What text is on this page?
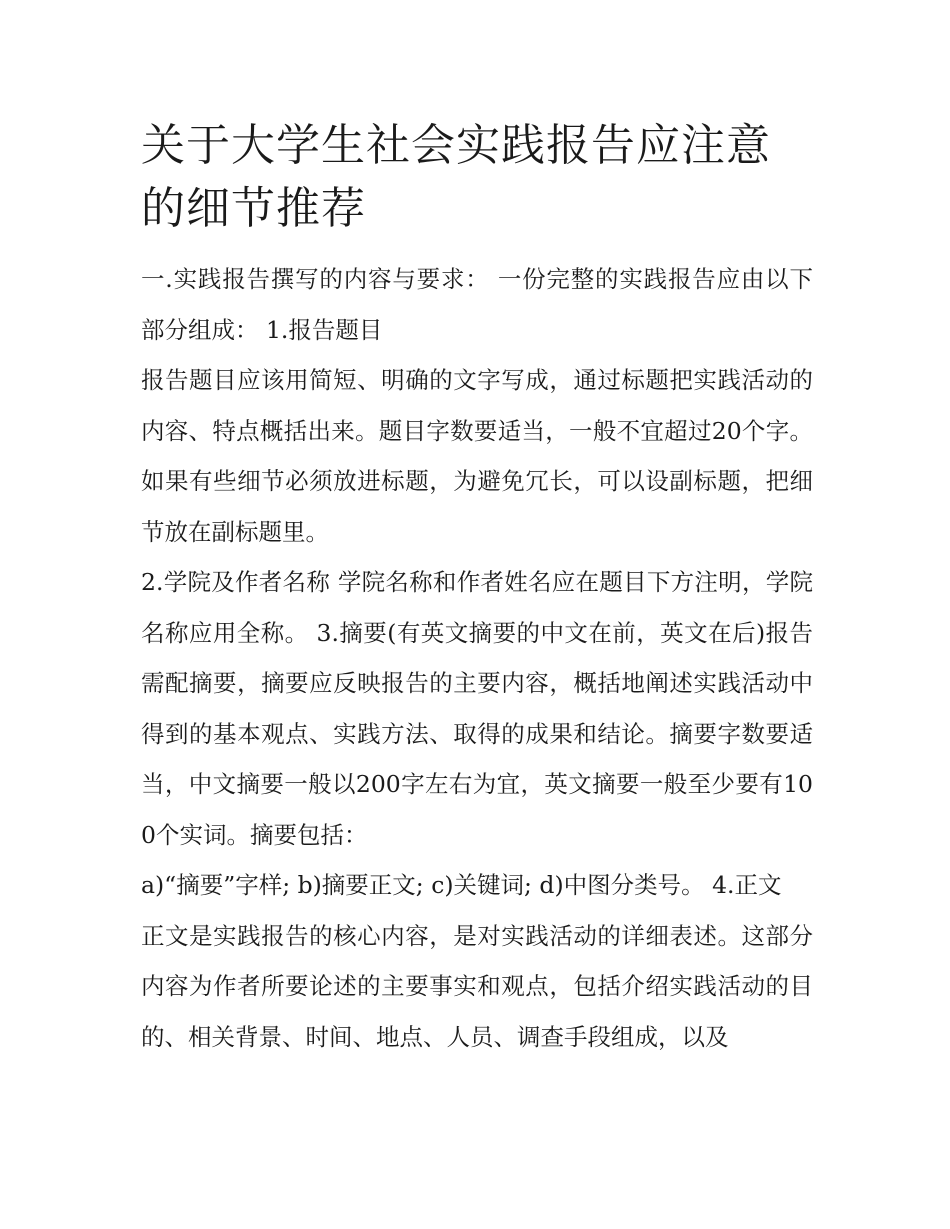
关于大学生社会实践报告应注意的细节推荐

一.实践报告撰写的内容与要求： 一份完整的实践报告应由以下部分组成： 1.报告题目

报告题目应该用简短、明确的文字写成，通过标题把实践活动的内容、特点概括出来。题目字数要适当，一般不宜超过20个字。如果有些细节必须放进标题，为避免冗长，可以设副标题，把细节放在副标题里。

2.学院及作者名称 学院名称和作者姓名应在题目下方注明，学院名称应用全称。 3.摘要(有英文摘要的中文在前，英文在后)报告需配摘要，摘要应反映报告的主要内容，概括地阐述实践活动中得到的基本观点、实践方法、取得的成果和结论。摘要字数要适当，中文摘要一般以200字左右为宜，英文摘要一般至少要有100个实词。摘要包括：

a)“摘要”字样; b)摘要正文; c)关键词; d)中图分类号。 4.正文

正文是实践报告的核心内容，是对实践活动的详细表述。这部分内容为作者所要论述的主要事实和观点，包括介绍实践活动的目的、相关背景、时间、地点、人员、调查手段组成，以及
